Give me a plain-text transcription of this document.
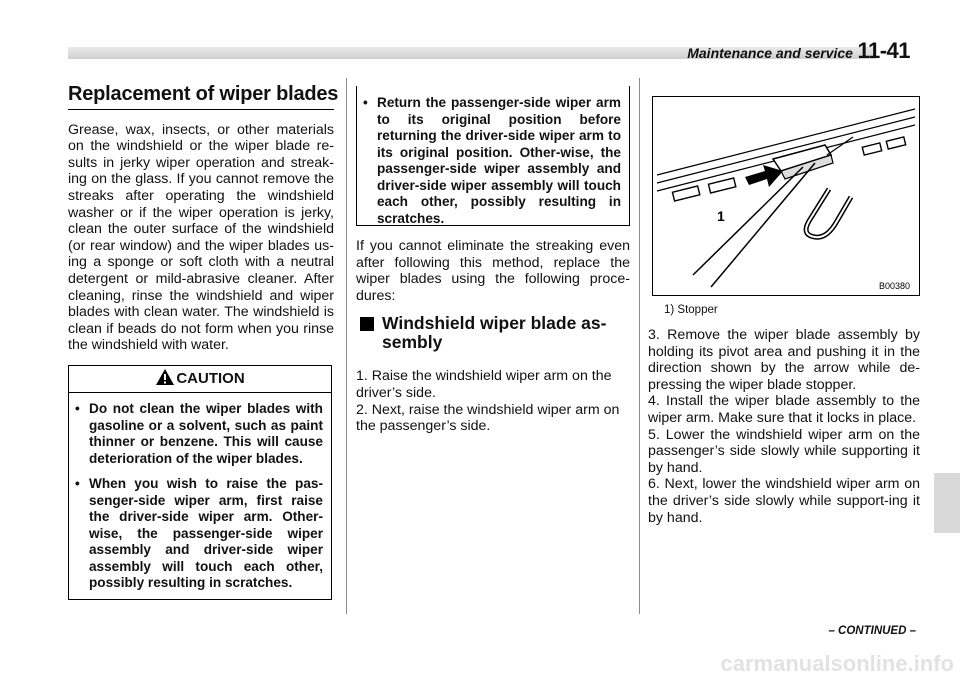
Maintenance and service 11-41
Replacement of wiper blades

Grease, wax, insects, or other materials on the windshield or the wiper blade re-sults in jerky wiper operation and streak-ing on the glass. If you cannot remove the streaks after operating the windshield washer or if the wiper operation is jerky, clean the outer surface of the windshield (or rear window) and the wiper blades us-ing a sponge or soft cloth with a neutral detergent or mild-abrasive cleaner. After cleaning, rinse the windshield and wiper blades with clean water. The windshield is clean if beads do not form when you rinse the windshield with water.

CAUTION
• Do not clean the wiper blades with gasoline or a solvent, such as paint thinner or benzene. This will cause deterioration of the wiper blades.
• When you wish to raise the pas-senger-side wiper arm, first raise the driver-side wiper arm. Other-wise, the passenger-side wiper assembly and driver-side wiper assembly will touch each other, possibly resulting in scratches.
• Return the passenger-side wiper arm to its original position before returning the driver-side wiper arm to its original position. Other-wise, the passenger-side wiper assembly and driver-side wiper assembly will touch each other, possibly resulting in scratches.

If you cannot eliminate the streaking even after following this method, replace the wiper blades using the following proce-dures:

Windshield wiper blade as-sembly
1. Raise the windshield wiper arm on the driver’s side.
2. Next, raise the windshield wiper arm on the passenger’s side.
1
B00380
1) Stopper
3. Remove the wiper blade assembly by holding its pivot area and pushing it in the direction shown by the arrow while de-pressing the wiper blade stopper.
4. Install the wiper blade assembly to the wiper arm. Make sure that it locks in place.
5. Lower the windshield wiper arm on the passenger’s side slowly while supporting it by hand.
6. Next, lower the windshield wiper arm on the driver’s side slowly while support-ing it by hand.
– CONTINUED –
carmanualsonline.info
